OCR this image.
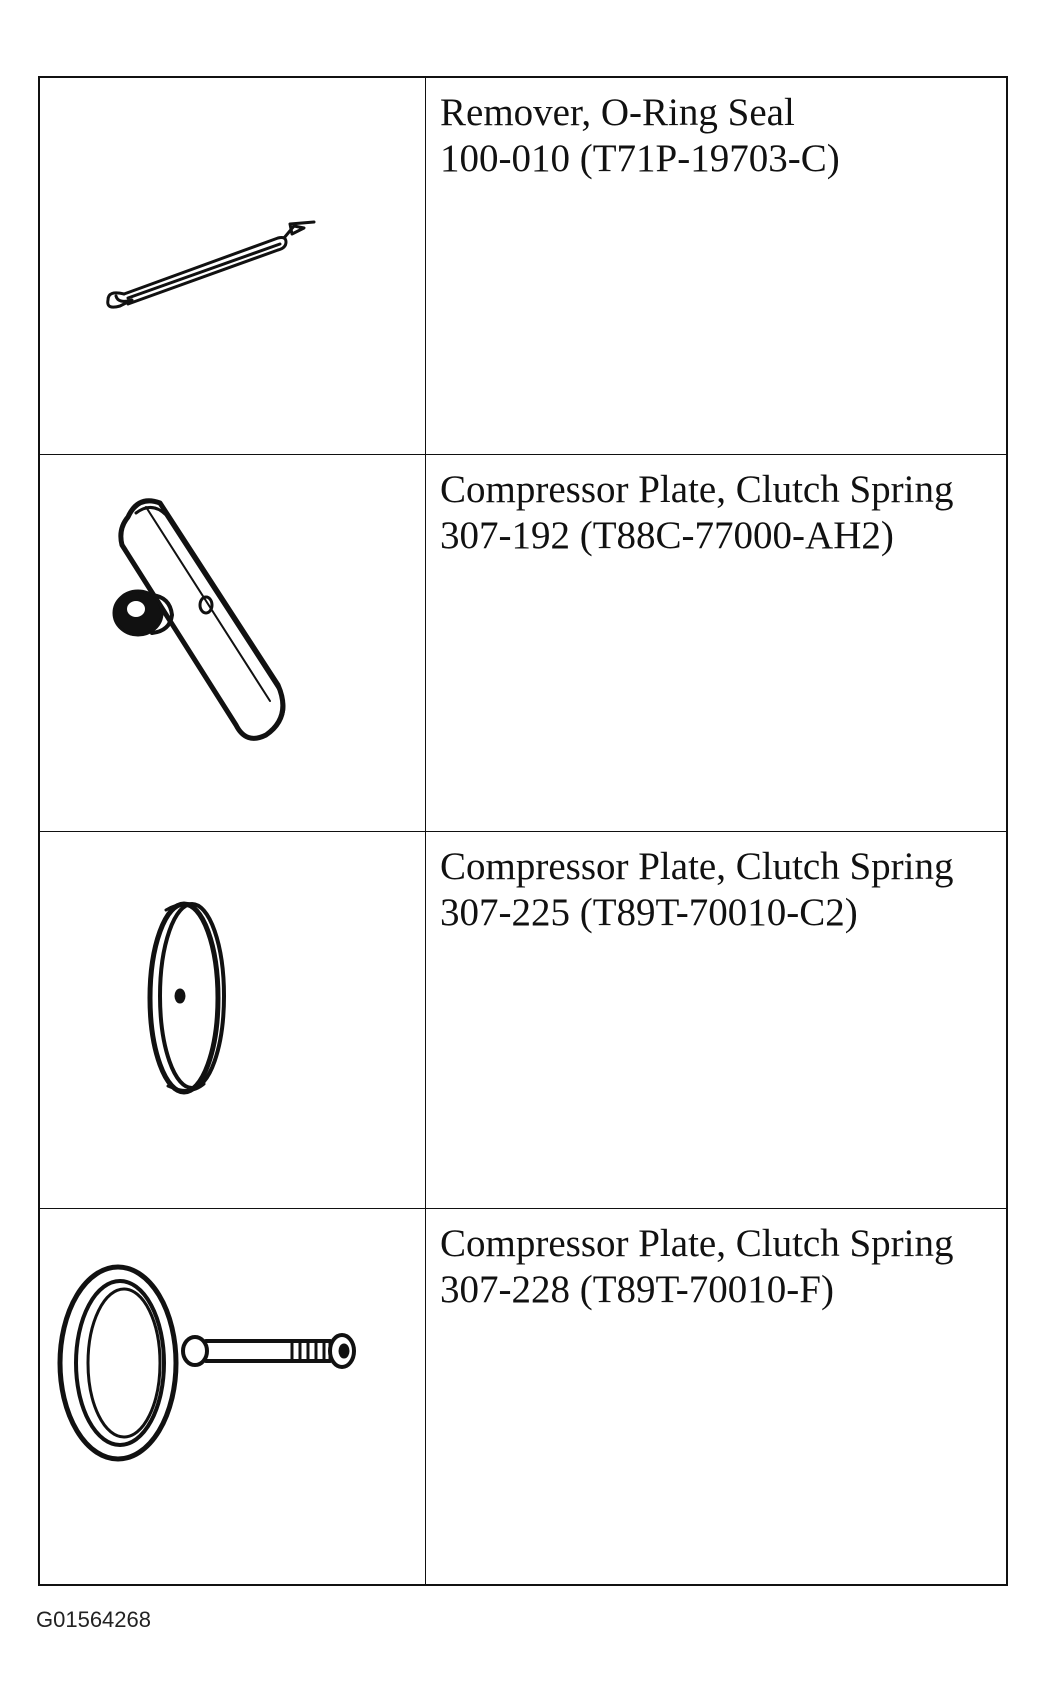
Remover, O-Ring Seal
100-010 (T71P-19703-C)
Compressor Plate, Clutch Spring
307-192 (T88C-77000-AH2)
Compressor Plate, Clutch Spring
307-225 (T89T-70010-C2)
Compressor Plate, Clutch Spring
307-228 (T89T-70010-F)
G01564268
